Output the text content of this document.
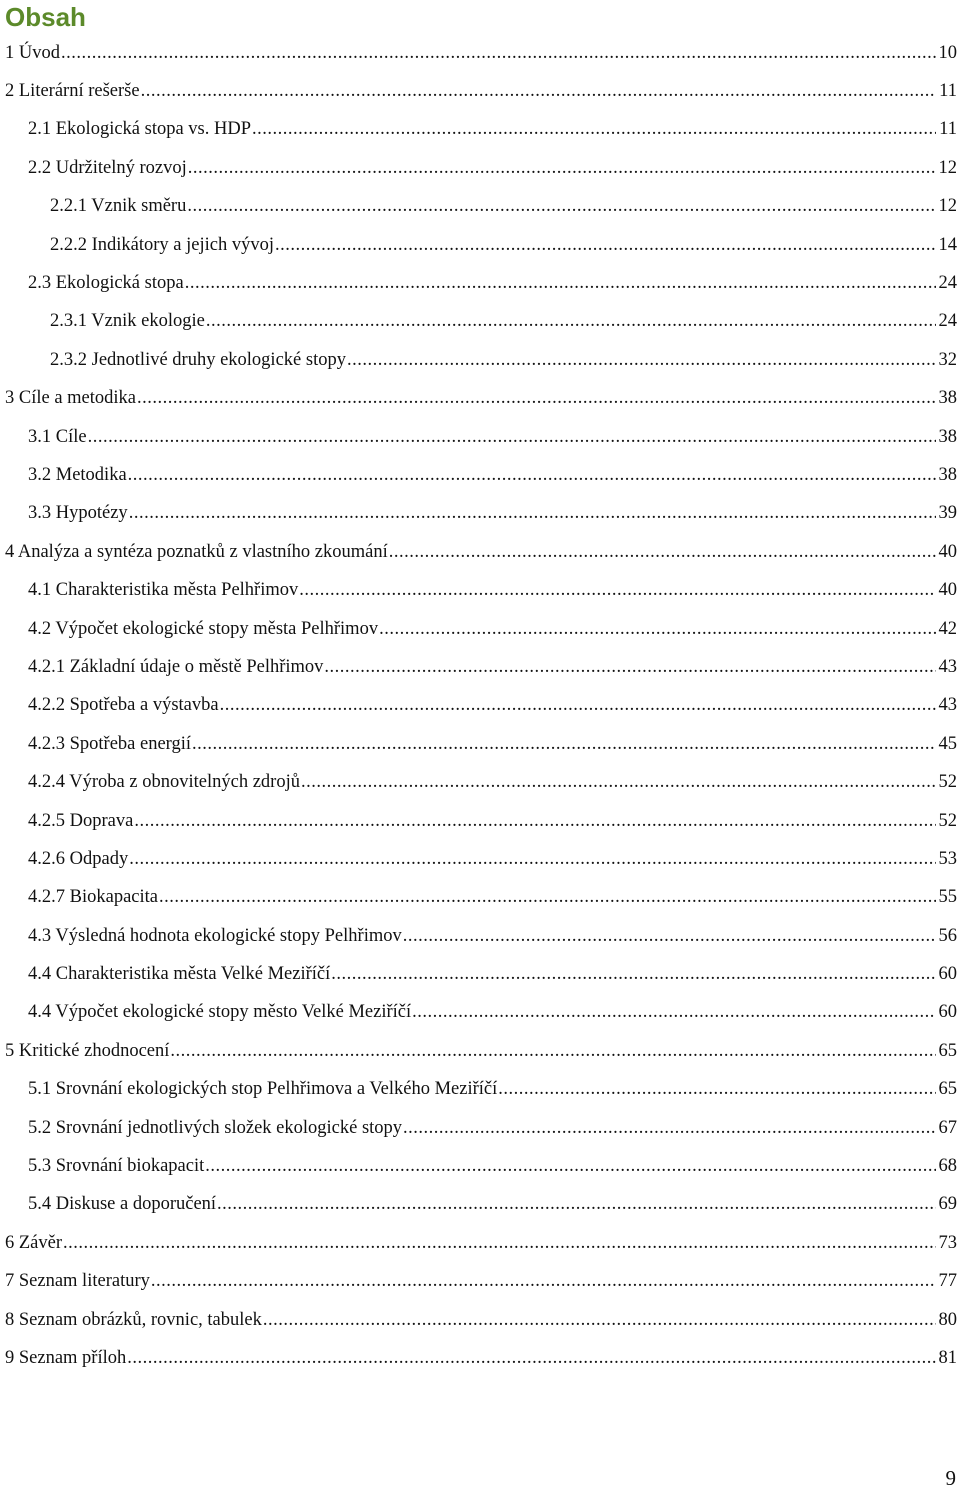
Obsah
1 Úvod .....	10
2 Literární rešerše .....	11
2.1 Ekologická stopa vs. HDP .....	11
2.2 Udržitelný rozvoj .....	12
2.2.1 Vznik směru .....	12
2.2.2 Indikátory a jejich vývoj .....	14
2.3 Ekologická stopa .....	24
2.3.1 Vznik ekologie .....	24
2.3.2 Jednotlivé druhy ekologické stopy .....	32
3 Cíle a metodika .....	38
3.1 Cíle .....	38
3.2 Metodika .....	38
3.3 Hypotézy .....	39
4 Analýza a syntéza poznatků z vlastního zkoumání .....	40
4.1 Charakteristika města Pelhřimov .....	40
4.2 Výpočet ekologické stopy města Pelhřimov .....	42
4.2.1 Základní údaje o městě Pelhřimov .....	43
4.2.2 Spotřeba a výstavba .....	43
4.2.3 Spotřeba energií .....	45
4.2.4 Výroba z obnovitelných zdrojů .....	52
4.2.5 Doprava .....	52
4.2.6 Odpady .....	53
4.2.7 Biokapacita .....	55
4.3 Výsledná hodnota ekologické stopy Pelhřimov .....	56
4.4 Charakteristika města Velké Meziříčí .....	60
4.4 Výpočet ekologické stopy město Velké Meziříčí .....	60
5 Kritické zhodnocení .....	65
5.1 Srovnání ekologických stop Pelhřimova a Velkého Meziříčí .....	65
5.2 Srovnání jednotlivých složek ekologické stopy .....	67
5.3 Srovnání biokapacit .....	68
5.4 Diskuse a doporučení .....	69
6 Závěr .....	73
7 Seznam literatury .....	77
8 Seznam obrázků, rovnic, tabulek .....	80
9 Seznam příloh .....	81
9
